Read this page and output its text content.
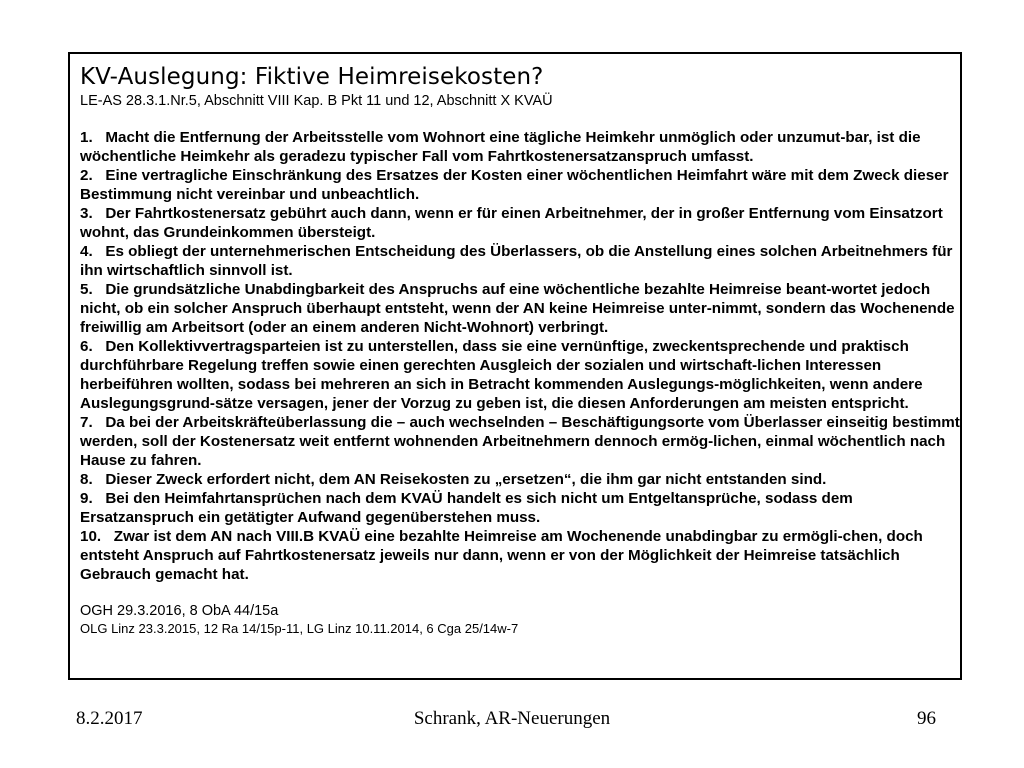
KV-Auslegung: Fiktive Heimreisekosten?

LE-AS 28.3.1.Nr.5, Abschnitt VIII Kap. B Pkt 11 und 12, Abschnitt X KVAÜ

1. Macht die Entfernung der Arbeitsstelle vom Wohnort eine tägliche Heimkehr unmöglich oder unzumut-bar, ist die wöchentliche Heimkehr als geradezu typischer Fall vom Fahrtkostenersatzanspruch umfasst.
2. Eine vertragliche Einschränkung des Ersatzes der Kosten einer wöchentlichen Heimfahrt wäre mit dem Zweck dieser Bestimmung nicht vereinbar und unbeachtlich.
3. Der Fahrtkostenersatz gebührt auch dann, wenn er für einen Arbeitnehmer, der in großer Entfernung vom Einsatzort wohnt, das Grundeinkommen übersteigt.
4. Es obliegt der unternehmerischen Entscheidung des Überlassers, ob die Anstellung eines solchen Arbeitnehmers für ihn wirtschaftlich sinnvoll ist.
5. Die grundsätzliche Unabdingbarkeit des Anspruchs auf eine wöchentliche bezahlte Heimreise beant-wortet jedoch nicht, ob ein solcher Anspruch überhaupt entsteht, wenn der AN keine Heimreise unter-nimmt, sondern das Wochenende freiwillig am Arbeitsort (oder an einem anderen Nicht-Wohnort) verbringt.
6. Den Kollektivvertragsparteien ist zu unterstellen, dass sie eine vernünftige, zweckentsprechende und praktisch durchführbare Regelung treffen sowie einen gerechten Ausgleich der sozialen und wirtschaft-lichen Interessen herbeiführen wollten, sodass bei mehreren an sich in Betracht kommenden Auslegungs-möglichkeiten, wenn andere Auslegungsgrund-sätze versagen, jener der Vorzug zu geben ist, die diesen Anforderungen am meisten entspricht.
7. Da bei der Arbeitskräfteüberlassung die – auch wechselnden – Beschäftigungsorte vom Überlasser einseitig bestimmt werden, soll der Kostenersatz weit entfernt wohnenden Arbeitnehmern dennoch ermög-lichen, einmal wöchentlich nach Hause zu fahren.
8. Dieser Zweck erfordert nicht, dem AN Reisekosten zu „ersetzen“, die ihm gar nicht entstanden sind.
9. Bei den Heimfahrtansprüchen nach dem KVAÜ handelt es sich nicht um Entgeltansprüche, sodass dem Ersatzanspruch ein getätigter Aufwand gegenüberstehen muss.
10. Zwar ist dem AN nach VIII.B KVAÜ eine bezahlte Heimreise am Wochenende unabdingbar zu ermögli-chen, doch entsteht Anspruch auf Fahrtkostenersatz jeweils nur dann, wenn er von der Möglichkeit der Heimreise tatsächlich Gebrauch gemacht hat.

OGH 29.3.2016, 8 ObA 44/15a

OLG Linz 23.3.2015, 12 Ra 14/15p-11, LG Linz 10.11.2014, 6 Cga 25/14w-7

8.2.2017	Schrank, AR-Neuerungen	96
